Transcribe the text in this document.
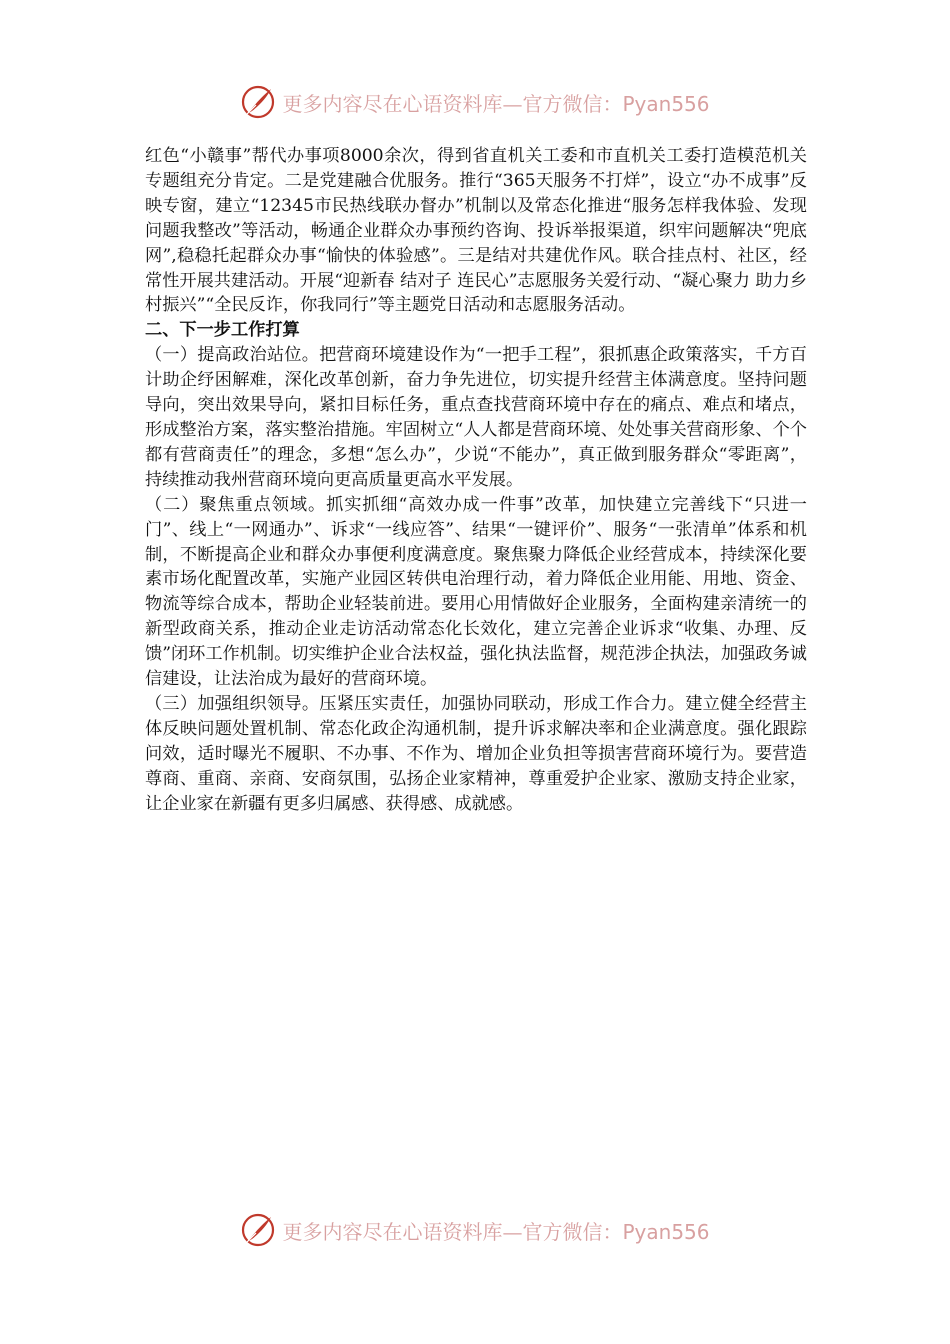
更多内容尽在心语资料库—官方微信：Pyan556

红色“小赣事”帮代办事项8000余次，得到省直机关工委和市直机关工委打造模范机关专题组充分肯定。二是党建融合优服务。推行“365天服务不打烊”，设立“办不成事”反映专窗，建立“12345市民热线联办督办”机制以及常态化推进“服务怎样我体验、发现问题我整改”等活动，畅通企业群众办事预约咨询、投诉举报渠道，织牢问题解决“兜底网”,稳稳托起群众办事“愉快的体验感”。三是结对共建优作风。联合挂点村、社区，经常性开展共建活动。开展“迎新春 结对子 连民心”志愿服务关爱行动、“凝心聚力 助力乡村振兴”“全民反诈，你我同行”等主题党日活动和志愿服务活动。

二、下一步工作打算

（一）提高政治站位。把营商环境建设作为“一把手工程”，狠抓惠企政策落实，千方百计助企纾困解难，深化改革创新，奋力争先进位，切实提升经营主体满意度。坚持问题导向，突出效果导向，紧扣目标任务，重点查找营商环境中存在的痛点、难点和堵点，形成整治方案，落实整治措施。牢固树立“人人都是营商环境、处处事关营商形象、个个都有营商责任”的理念，多想“怎么办”，少说“不能办”，真正做到服务群众“零距离”，持续推动我州营商环境向更高质量更高水平发展。

（二）聚焦重点领域。抓实抓细“高效办成一件事”改革，加快建立完善线下“只进一门”、线上“一网通办”、诉求“一线应答”、结果“一键评价”、服务“一张清单”体系和机制，不断提高企业和群众办事便利度满意度。聚焦聚力降低企业经营成本，持续深化要素市场化配置改革，实施产业园区转供电治理行动，着力降低企业用能、用地、资金、物流等综合成本，帮助企业轻装前进。要用心用情做好企业服务，全面构建亲清统一的新型政商关系，推动企业走访活动常态化长效化，建立完善企业诉求“收集、办理、反馈”闭环工作机制。切实维护企业合法权益，强化执法监督，规范涉企执法，加强政务诚信建设，让法治成为最好的营商环境。

（三）加强组织领导。压紧压实责任，加强协同联动，形成工作合力。建立健全经营主体反映问题处置机制、常态化政企沟通机制，提升诉求解决率和企业满意度。强化跟踪问效，适时曝光不履职、不办事、不作为、增加企业负担等损害营商环境行为。要营造尊商、重商、亲商、安商氛围，弘扬企业家精神，尊重爱护企业家、激励支持企业家，让企业家在新疆有更多归属感、获得感、成就感。

更多内容尽在心语资料库—官方微信：Pyan556
